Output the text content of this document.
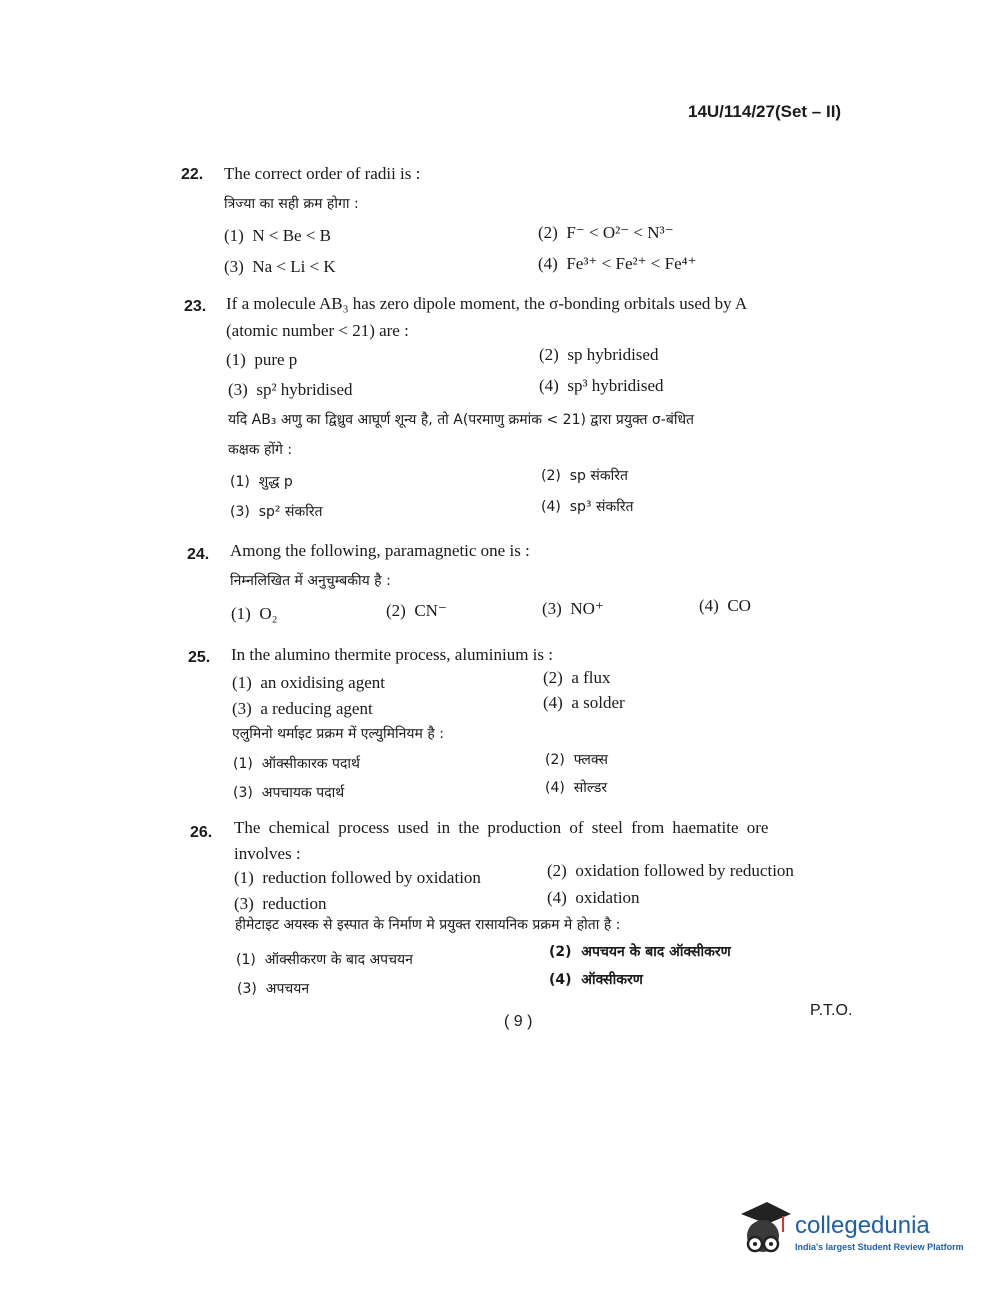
14U/114/27(Set – II)
22. The correct order of radii is :
त्रिज्या का सही क्रम होगा :
(1) N < Be < B	(2) F⁻ < O²⁻ < N³⁻
(3) Na < Li < K	(4) Fe³⁺ < Fe²⁺ < Fe⁴⁺
23. If a molecule AB₃ has zero dipole moment, the σ-bonding orbitals used by A
(atomic number < 21) are :
(1) pure p	(2) sp hybridised
(3) sp² hybridised	(4) sp³ hybridised
यदि AB₃ अणु का द्विध्रुव आघूर्ण शून्य है, तो A(परमाणु क्रमांक < 21) द्वारा प्रयुक्त σ-बंधित
कक्षक होंगे :
(1) शुद्ध p	(2) sp संकरित
(3) sp² संकरित	(4) sp³ संकरित
24. Among the following, paramagnetic one is :
निम्नलिखित में अनुचुम्बकीय है :
(1) O₂	(2) CN⁻	(3) NO⁺	(4) CO
25. In the alumino thermite process, aluminium is :
(1) an oxidising agent	(2) a flux
(3) a reducing agent	(4) a solder
एलुमिनो थर्माइट प्रक्रम में एल्युमिनियम है :
(1) ऑक्सीकारक पदार्थ	(2) फ्लक्स
(3) अपचायक पदार्थ	(4) सोल्डर
26. The chemical process used in the production of steel from haematite ore
involves :
(1) reduction followed by oxidation	(2) oxidation followed by reduction
(3) reduction	(4) oxidation
हीमेटाइट अयस्क से इस्पात के निर्माण मे प्रयुक्त रासायनिक प्रक्रम मे होता है :
(1) ऑक्सीकरण के बाद अपचयन	(2) अपचयन के बाद ऑक्सीकरण
(3) अपचयन
(4) ऑक्सीकरण
( 9 )
P.T.O.
collegedunia
India's largest Student Review Platform
